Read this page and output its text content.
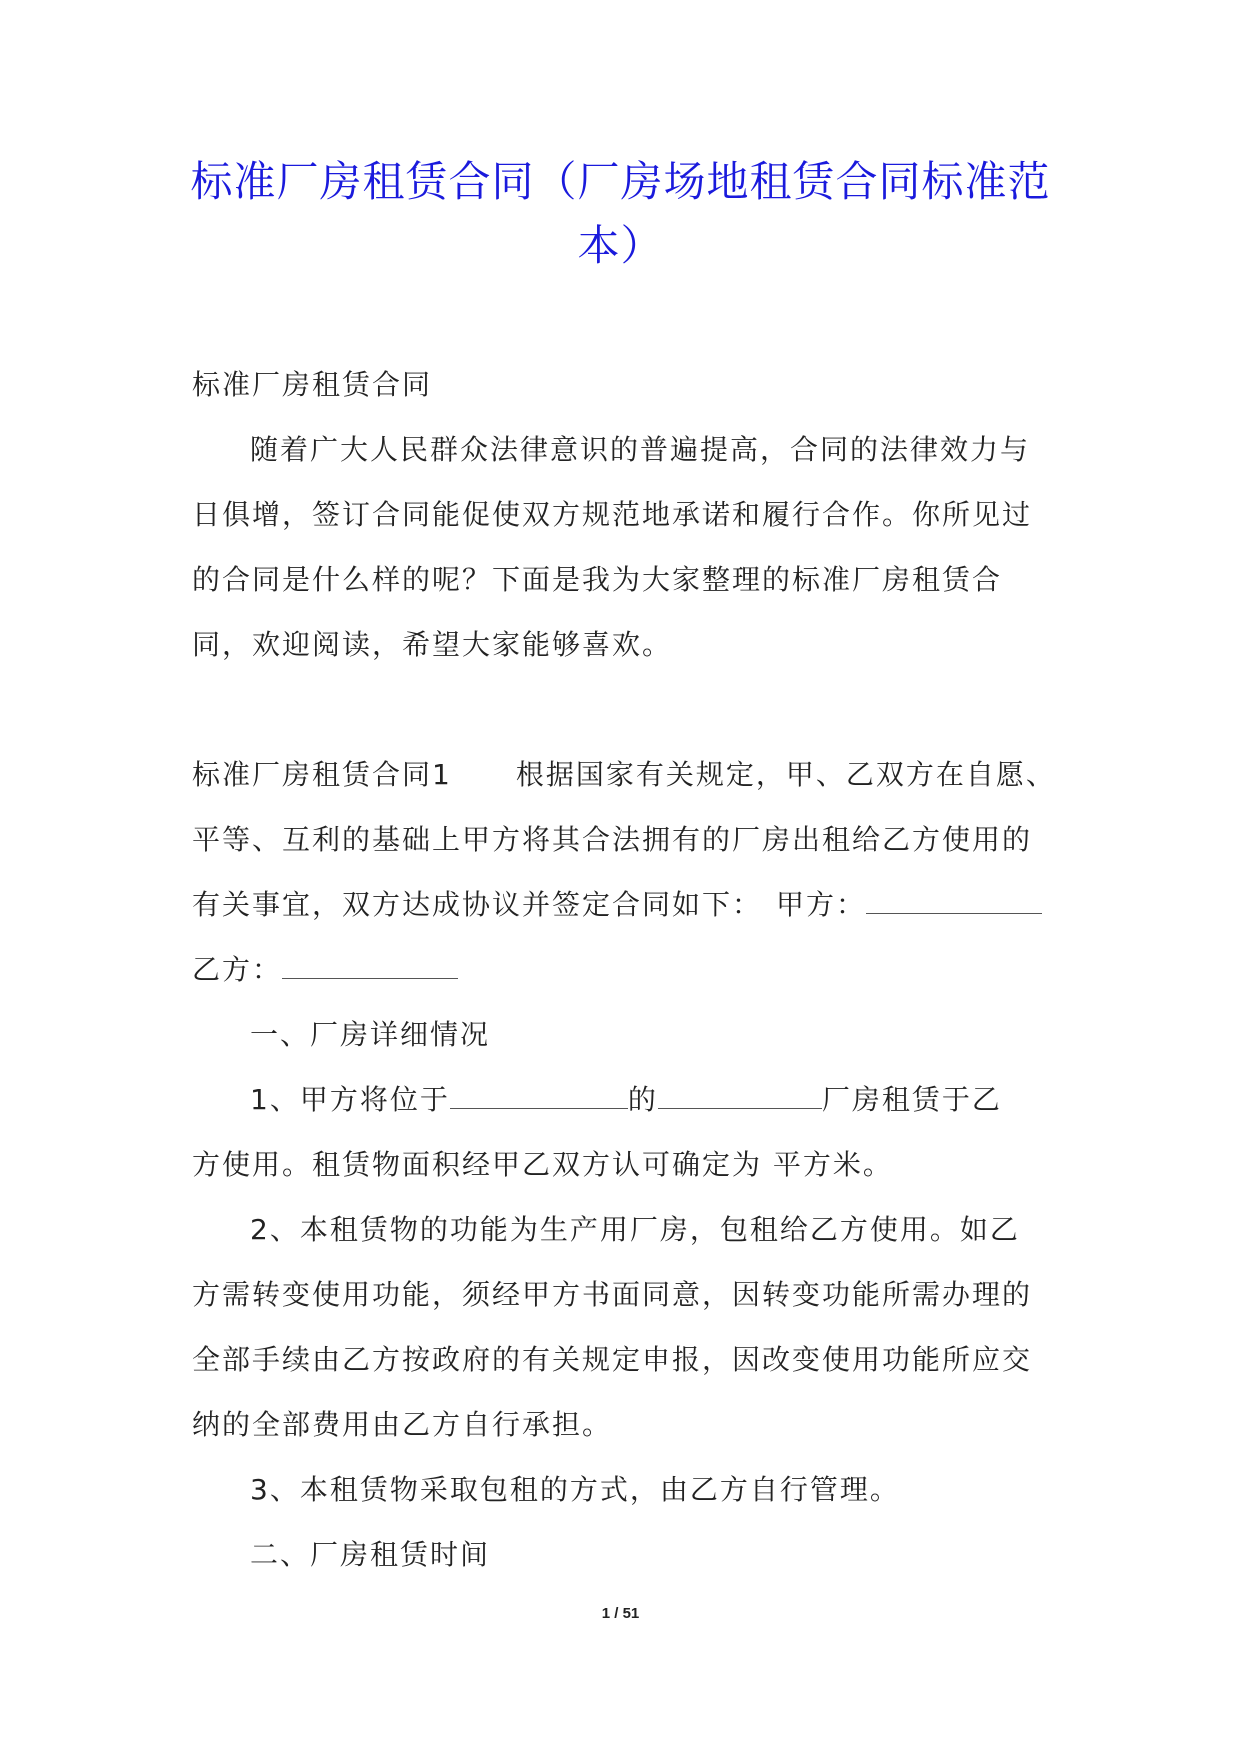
标准厂房租赁合同（厂房场地租赁合同标准范本）
标准厂房租赁合同
随着广大人民群众法律意识的普遍提高，合同的法律效力与
日俱增，签订合同能促使双方规范地承诺和履行合作。你所见过
的合同是什么样的呢？下面是我为大家整理的标准厂房租赁合
同，欢迎阅读，希望大家能够喜欢。
标准厂房租赁合同1 根据国家有关规定，甲、乙双方在自愿、
平等、互利的基础上甲方将其合法拥有的厂房出租给乙方使用的
有关事宜，双方达成协议并签定合同如下： 甲方：
乙方：
一、厂房详细情况
1、甲方将位于	的	厂房租赁于乙
方使用。租赁物面积经甲乙双方认可确定为 平方米。
2、本租赁物的功能为生产用厂房，包租给乙方使用。如乙
方需转变使用功能，须经甲方书面同意，因转变功能所需办理的
全部手续由乙方按政府的有关规定申报，因改变使用功能所应交
纳的全部费用由乙方自行承担。
3、本租赁物采取包租的方式，由乙方自行管理。
二、厂房租赁时间
1 / 51
